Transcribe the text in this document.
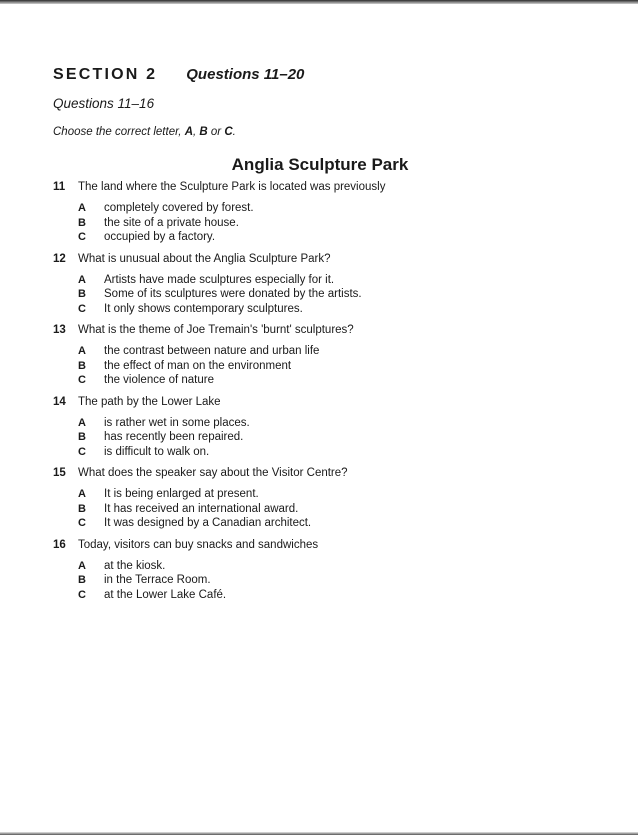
SECTION 2 Questions 11–20
Questions 11–16
Choose the correct letter, A, B or C.
Anglia Sculpture Park
11 The land where the Sculpture Park is located was previously
A completely covered by forest.
B the site of a private house.
C occupied by a factory.
12 What is unusual about the Anglia Sculpture Park?
A Artists have made sculptures especially for it.
B Some of its sculptures were donated by the artists.
C It only shows contemporary sculptures.
13 What is the theme of Joe Tremain's 'burnt' sculptures?
A the contrast between nature and urban life
B the effect of man on the environment
C the violence of nature
14 The path by the Lower Lake
A is rather wet in some places.
B has recently been repaired.
C is difficult to walk on.
15 What does the speaker say about the Visitor Centre?
A It is being enlarged at present.
B It has received an international award.
C It was designed by a Canadian architect.
16 Today, visitors can buy snacks and sandwiches
A at the kiosk.
B in the Terrace Room.
C at the Lower Lake Café.
